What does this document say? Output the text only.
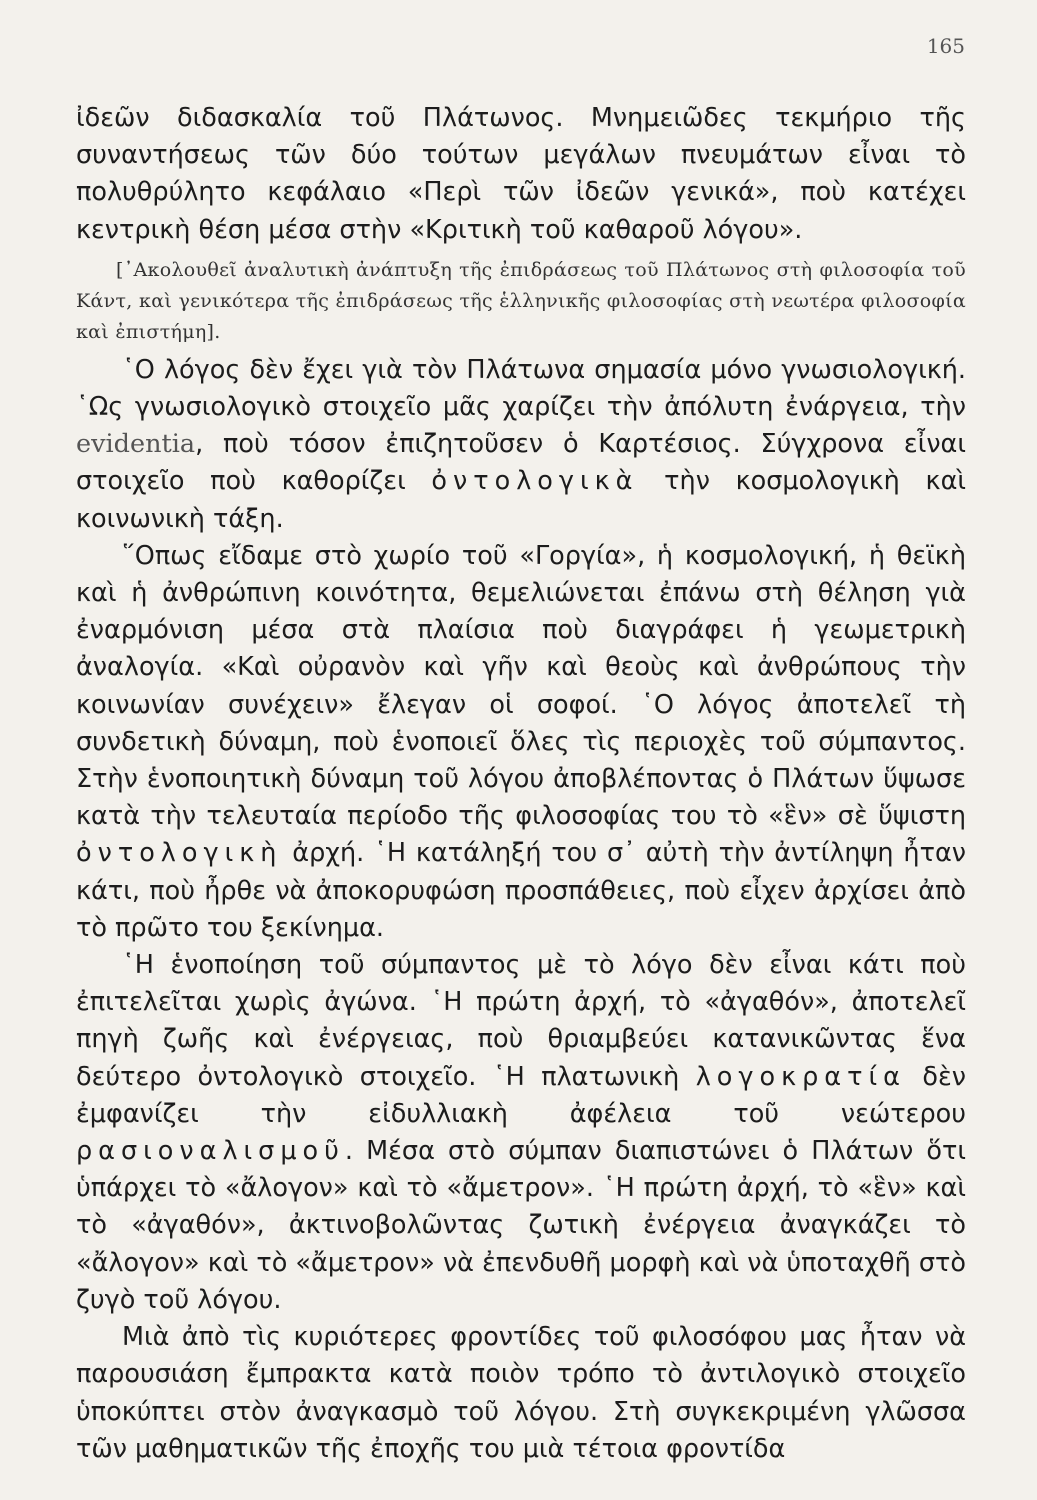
165

ἰδεῶν διδασκαλία τοῦ Πλάτωνος. Μνημειῶδες τεκμήριο τῆς συναντήσεως τῶν δύο τούτων μεγάλων πνευμάτων εἶναι τὸ πολυθρύλητο κεφάλαιο «Περὶ τῶν ἰδεῶν γενικά», ποὺ κατέχει κεντρικὴ θέση μέσα στὴν «Κριτικὴ τοῦ καθαροῦ λόγου».

[᾿Ακολουθεῖ ἀναλυτικὴ ἀνάπτυξη τῆς ἐπιδράσεως τοῦ Πλάτωνος στὴ φιλοσοφία τοῦ Κάντ, καὶ γενικότερα τῆς ἐπιδράσεως τῆς ἑλληνικῆς φιλοσοφίας στὴ νεωτέρα φιλοσοφία καὶ ἐπιστήμη].

῾Ο λόγος δὲν ἔχει γιὰ τὸν Πλάτωνα σημασία μόνο γνωσιολογική. ῾Ως γνωσιολογικὸ στοιχεῖο μᾶς χαρίζει τὴν ἀπόλυτη ἐνάργεια, τὴν evidentia, ποὺ τόσον ἐπιζητοῦσεν ὁ Καρτέσιος. Σύγχρονα εἶναι στοιχεῖο ποὺ καθορίζει ὀντολογικὰ τὴν κοσμολογικὴ καὶ κοινωνικὴ τάξη.

῞Οπως εἴδαμε στὸ χωρίο τοῦ «Γοργία», ἡ κοσμολογική, ἡ θεϊκὴ καὶ ἡ ἀνθρώπινη κοινότητα, θεμελιώνεται ἐπάνω στὴ θέληση γιὰ ἐναρμόνιση μέσα στὰ πλαίσια ποὺ διαγράφει ἡ γεωμετρικὴ ἀναλογία. «Καὶ οὐρανὸν καὶ γῆν καὶ θεοὺς καὶ ἀνθρώπους τὴν κοινωνίαν συνέχειν» ἔλεγαν οἱ σοφοί. ῾Ο λόγος ἀποτελεῖ τὴ συνδετικὴ δύναμη, ποὺ ἑνοποιεῖ ὅλες τὶς περιοχὲς τοῦ σύμπαντος. Στὴν ἑνοποιητικὴ δύναμη τοῦ λόγου ἀποβλέποντας ὁ Πλάτων ὕψωσε κατὰ τὴν τελευταία περίοδο τῆς φιλοσοφίας του τὸ «ἓν» σὲ ὕψιστη ὀντολογικὴ ἀρχή. ῾Η κατάληξή του σ᾿ αὐτὴ τὴν ἀντίληψη ἦταν κάτι, ποὺ ἦρθε νὰ ἀποκορυφώση προσπάθειες, ποὺ εἶχεν ἀρχίσει ἀπὸ τὸ πρῶτο του ξεκίνημα.

῾Η ἑνοποίηση τοῦ σύμπαντος μὲ τὸ λόγο δὲν εἶναι κάτι ποὺ ἐπιτελεῖται χωρὶς ἀγώνα. ῾Η πρώτη ἀρχή, τὸ «ἀγαθόν», ἀποτελεῖ πηγὴ ζωῆς καὶ ἐνέργειας, ποὺ θριαμβεύει κατανικῶντας ἕνα δεύτερο ὀντολογικὸ στοιχεῖο. ῾Η πλατωνικὴ λογοκρατία δὲν ἐμφανίζει τὴν εἰδυλλιακὴ ἀφέλεια τοῦ νεώτερου ρασιοναλισμοῦ. Μέσα στὸ σύμπαν διαπιστώνει ὁ Πλάτων ὅτι ὑπάρχει τὸ «ἄλογον» καὶ τὸ «ἄμετρον». ῾Η πρώτη ἀρχή, τὸ «ἓν» καὶ τὸ «ἀγαθόν», ἀκτινοβολῶντας ζωτικὴ ἐνέργεια ἀναγκάζει τὸ «ἄλογον» καὶ τὸ «ἄμετρον» νὰ ἐπενδυθῆ μορφὴ καὶ νὰ ὑποταχθῆ στὸ ζυγὸ τοῦ λόγου.

Μιὰ ἀπὸ τὶς κυριότερες φροντίδες τοῦ φιλοσόφου μας ἦταν νὰ παρουσιάση ἔμπρακτα κατὰ ποιὸν τρόπο τὸ ἀντιλογικὸ στοιχεῖο ὑποκύπτει στὸν ἀναγκασμὸ τοῦ λόγου. Στὴ συγκεκριμένη γλῶσσα τῶν μαθηματικῶν τῆς ἐποχῆς του μιὰ τέτοια φροντίδα
